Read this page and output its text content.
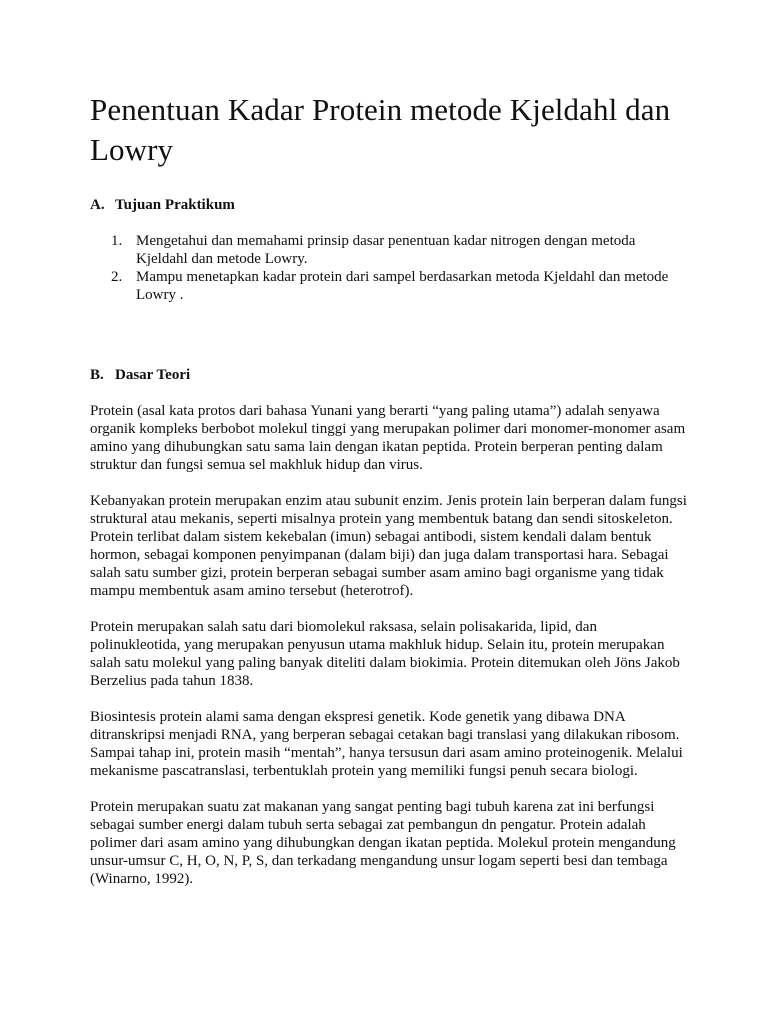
Penentuan Kadar Protein metode Kjeldahl dan Lowry
A. Tujuan Praktikum
1. Mengetahui dan memahami prinsip dasar penentuan kadar nitrogen dengan metoda Kjeldahl dan metode Lowry.
2. Mampu menetapkan kadar protein dari sampel berdasarkan metoda Kjeldahl dan metode Lowry .
B. Dasar Teori

Protein (asal kata protos dari bahasa Yunani yang berarti “yang paling utama”) adalah senyawa organik kompleks berbobot molekul tinggi yang merupakan polimer dari monomer-monomer asam amino yang dihubungkan satu sama lain dengan ikatan peptida. Protein berperan penting dalam struktur dan fungsi semua sel makhluk hidup dan virus.

Kebanyakan protein merupakan enzim atau subunit enzim. Jenis protein lain berperan dalam fungsi struktural atau mekanis, seperti misalnya protein yang membentuk batang dan sendi sitoskeleton. Protein terlibat dalam sistem kekebalan (imun) sebagai antibodi, sistem kendali dalam bentuk hormon, sebagai komponen penyimpanan (dalam biji) dan juga dalam transportasi hara. Sebagai salah satu sumber gizi, protein berperan sebagai sumber asam amino bagi organisme yang tidak mampu membentuk asam amino tersebut (heterotrof).

Protein merupakan salah satu dari biomolekul raksasa, selain polisakarida, lipid, dan polinukleotida, yang merupakan penyusun utama makhluk hidup. Selain itu, protein merupakan salah satu molekul yang paling banyak diteliti dalam biokimia. Protein ditemukan oleh Jöns Jakob Berzelius pada tahun 1838.

Biosintesis protein alami sama dengan ekspresi genetik. Kode genetik yang dibawa DNA ditranskripsi menjadi RNA, yang berperan sebagai cetakan bagi translasi yang dilakukan ribosom. Sampai tahap ini, protein masih “mentah”, hanya tersusun dari asam amino proteinogenik. Melalui mekanisme pascatranslasi, terbentuklah protein yang memiliki fungsi penuh secara biologi.

Protein merupakan suatu zat makanan yang sangat penting bagi tubuh karena zat ini berfungsi sebagai sumber energi dalam tubuh serta sebagai zat pembangun dn pengatur. Protein adalah polimer dari asam amino yang dihubungkan dengan ikatan peptida. Molekul protein mengandung unsur-umsur C, H, O, N, P, S, dan terkadang mengandung unsur logam seperti besi dan tembaga (Winarno, 1992).
